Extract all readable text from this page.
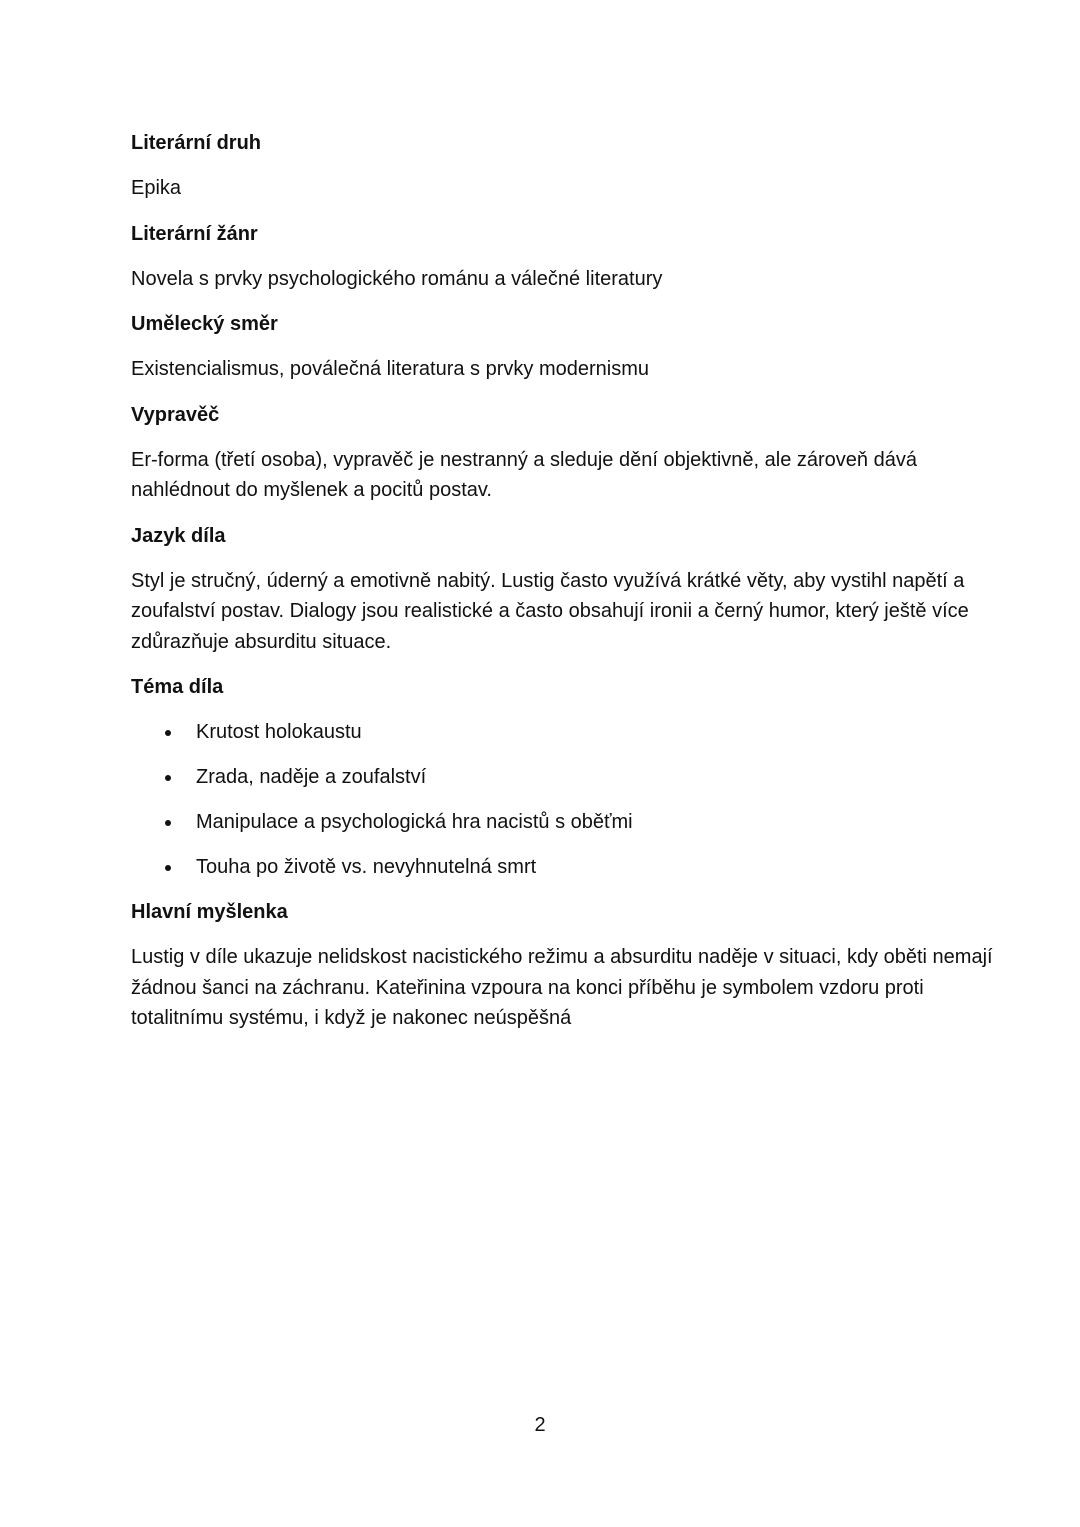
Literární druh
Epika
Literární žánr
Novela s prvky psychologického románu a válečné literatury
Umělecký směr
Existencialismus, poválečná literatura s prvky modernismu
Vypravěč
Er-forma (třetí osoba), vypravěč je nestranný a sleduje dění objektivně, ale zároveň dává nahlédnout do myšlenek a pocitů postav.
Jazyk díla
Styl je stručný, úderný a emotivně nabitý. Lustig často využívá krátké věty, aby vystihl napětí a zoufalství postav. Dialogy jsou realistické a často obsahují ironii a černý humor, který ještě více zdůrazňuje absurditu situace.
Téma díla
Krutost holokaustu
Zrada, naděje a zoufalství
Manipulace a psychologická hra nacistů s oběťmi
Touha po životě vs. nevyhnutelná smrt
Hlavní myšlenka
Lustig v díle ukazuje nelidskost nacistického režimu a absurditu naděje v situaci, kdy oběti nemají žádnou šanci na záchranu. Kateřinina vzpoura na konci příběhu je symbolem vzdoru proti totalitnímu systému, i když je nakonec neúspěšná
2
